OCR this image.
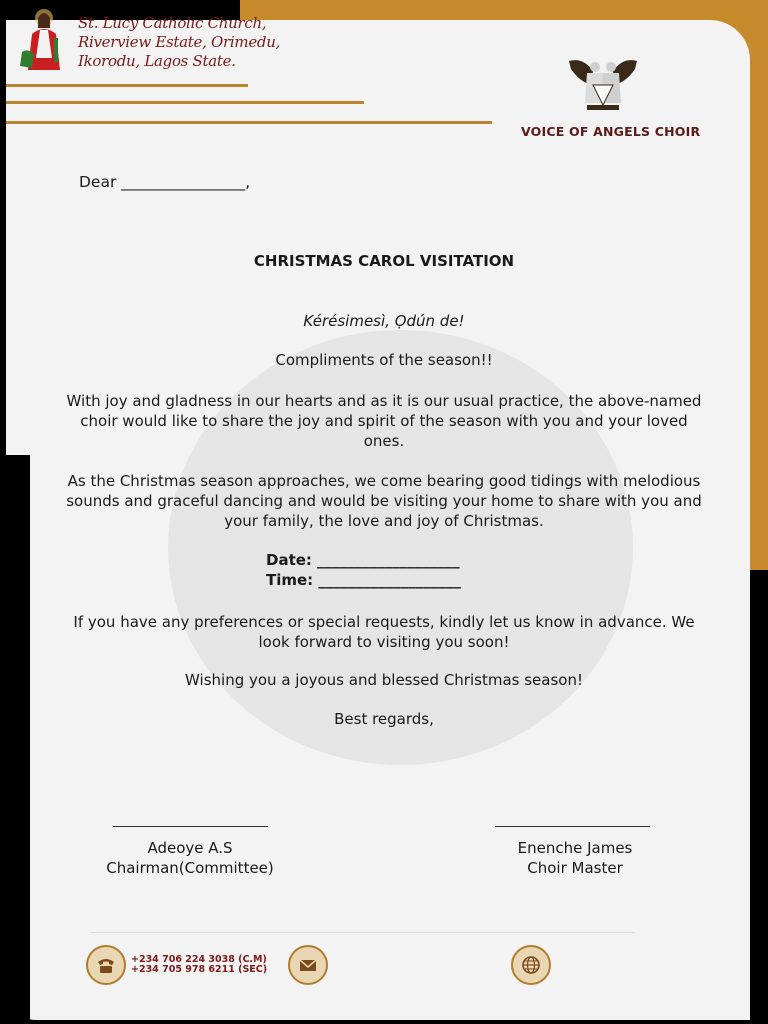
St. Lucy Catholic Church,
Riverview Estate, Orimedu,
Ikorodu, Lagos State.
VOICE OF ANGELS CHOIR
Dear ________________,
CHRISTMAS CAROL VISITATION
Kérésimesì, Ọdún de!
Compliments of the season!!
With joy and gladness in our hearts and as it is our usual practice, the above-named choir would like to share the joy and spirit of the season with you and your loved ones.
As the Christmas season approaches, we come bearing good tidings with melodious sounds and graceful dancing and would be visiting your home to share with you and your family, the love and joy of Christmas.
Date: ___________________
Time: ___________________
If you have any preferences or special requests, kindly let us know in advance. We look forward to visiting you soon!
Wishing you a joyous and blessed Christmas season!
Best regards,
Adeoye A.S
Chairman(Committee)
Enenche James
Choir Master
+234 706 224 3038 (C.M)
+234 705 978 6211 (SEC)
